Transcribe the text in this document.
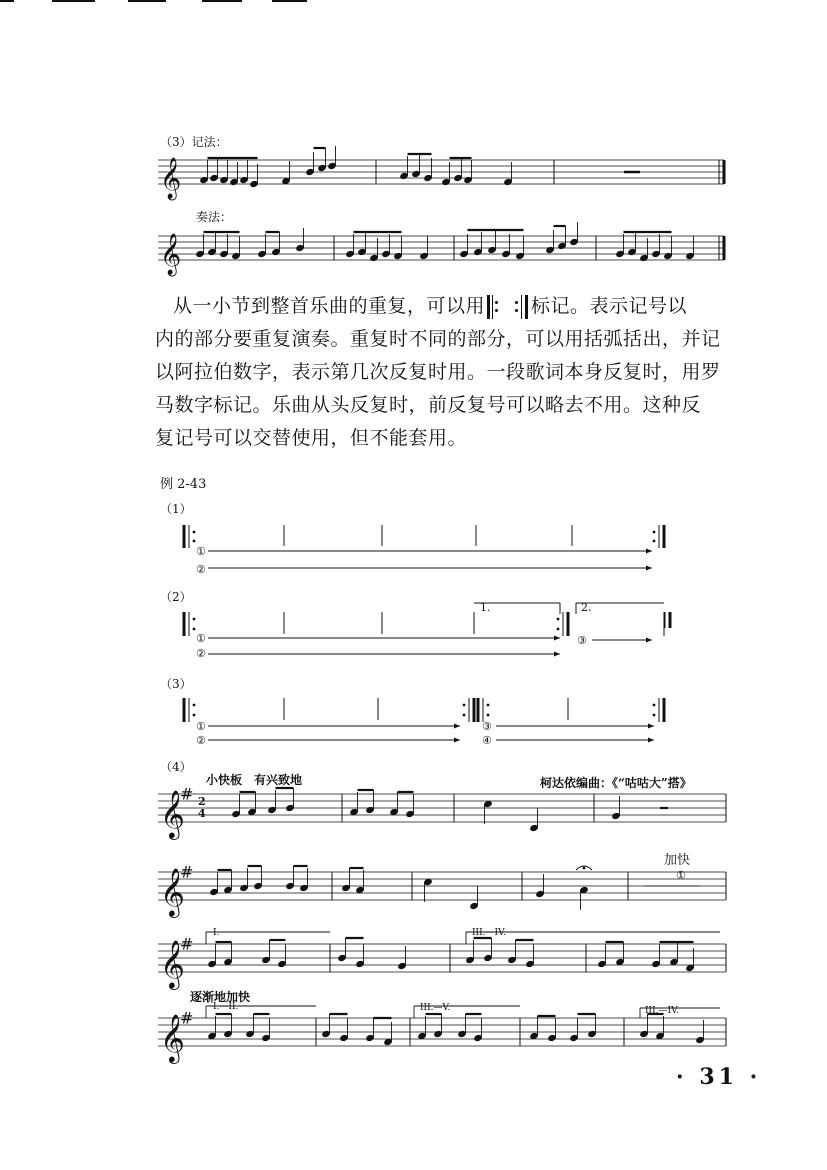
（3）记法：
奏法：
𝄞
𝄞
𝄞
#
𝄞
#
𝄞
#
𝄞
#
从一小节到整首乐曲的重复，可以用 标记。表示记号以
内的部分要重复演奏。重复时不同的部分，可以用括弧括出，并记
以阿拉伯数字，表示第几次反复时用。一段歌词本身反复时，用罗
马数字标记。乐曲从头反复时，前反复号可以略去不用。这种反
复记号可以交替使用，但不能套用。
例 2-43
（1）
（2）
（3）
（4）
①
②
①
②
③
1.	2.
①
②
③
④
小快板　有兴致地	柯达依编曲：《“咕咕大”搭》
加快
逐渐地加快
①
I.	III.—IV.
I.—II.	III.—V.	III.—IV.
2
4
· 31 ·
